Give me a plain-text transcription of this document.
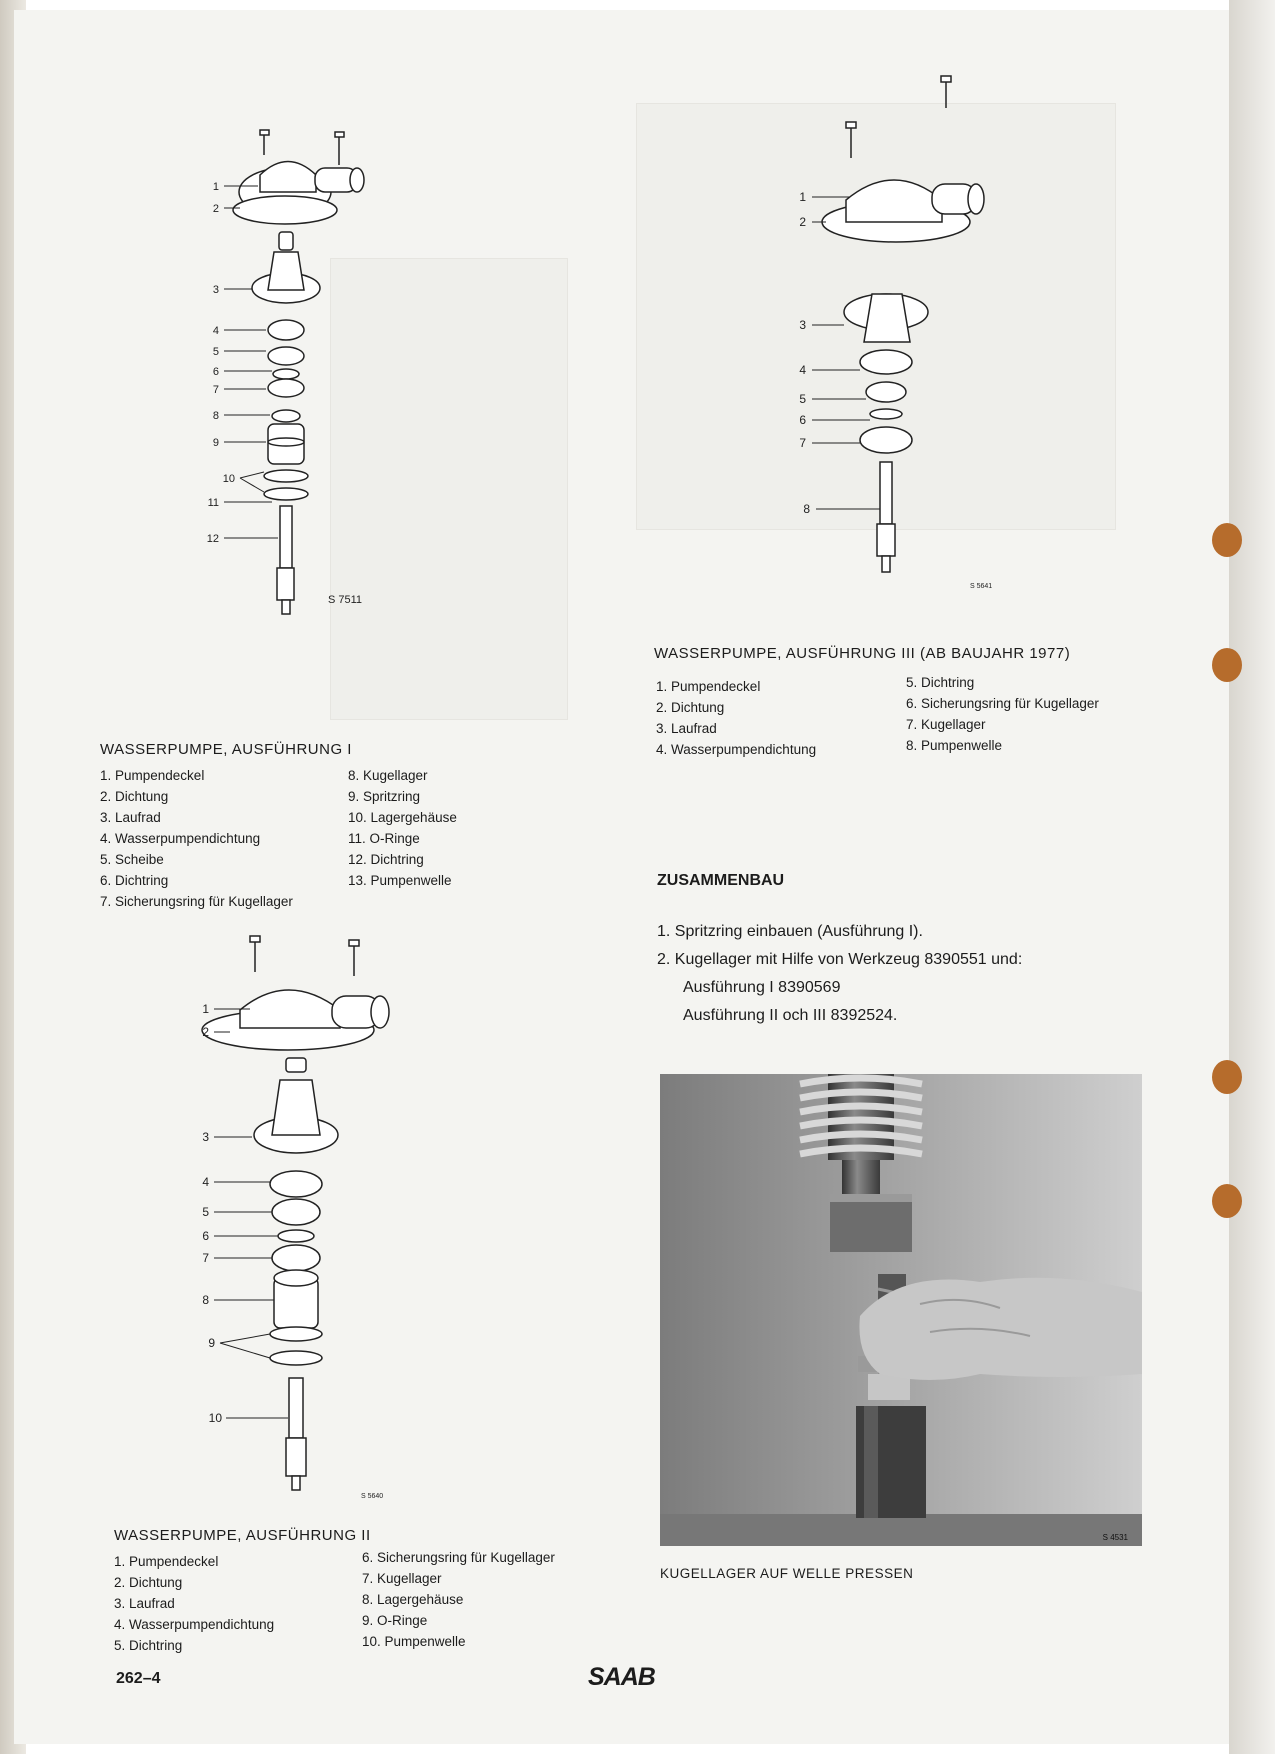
1
2
3
4
5
6
7
8
9
10
11
12
S 7511
WASSERPUMPE, AUSFÜHRUNG I
1. Pumpendeckel
2. Dichtung
3. Laufrad
4. Wasserpumpendichtung
5. Scheibe
6. Dichtring
7. Sicherungsring für Kugellager
8. Kugellager
9. Spritzring
10. Lagergehäuse
11. O-Ringe
12. Dichtring
13. Pumpenwelle
1
2
3
4
5
6
7
8
9
10
S 5640
WASSERPUMPE, AUSFÜHRUNG II
1. Pumpendeckel
2. Dichtung
3. Laufrad
4. Wasserpumpendichtung
5. Dichtring
6. Sicherungsring für Kugellager
7. Kugellager
8. Lagergehäuse
9. O-Ringe
10. Pumpenwelle
1
2
3
4
5
6
7
8
S 5641
WASSERPUMPE, AUSFÜHRUNG III (AB BAUJAHR 1977)
1. Pumpendeckel
2. Dichtung
3. Laufrad
4. Wasserpumpendichtung
5. Dichtring
6. Sicherungsring für Kugellager
7. Kugellager
8. Pumpenwelle
ZUSAMMENBAU
1. Spritzring einbauen (Ausführung I).
2. Kugellager mit Hilfe von Werkzeug 8390551 und:
Ausführung I 8390569
Ausführung II och III 8392524.
S 4531
KUGELLAGER AUF WELLE PRESSEN
262–4	SAAB
